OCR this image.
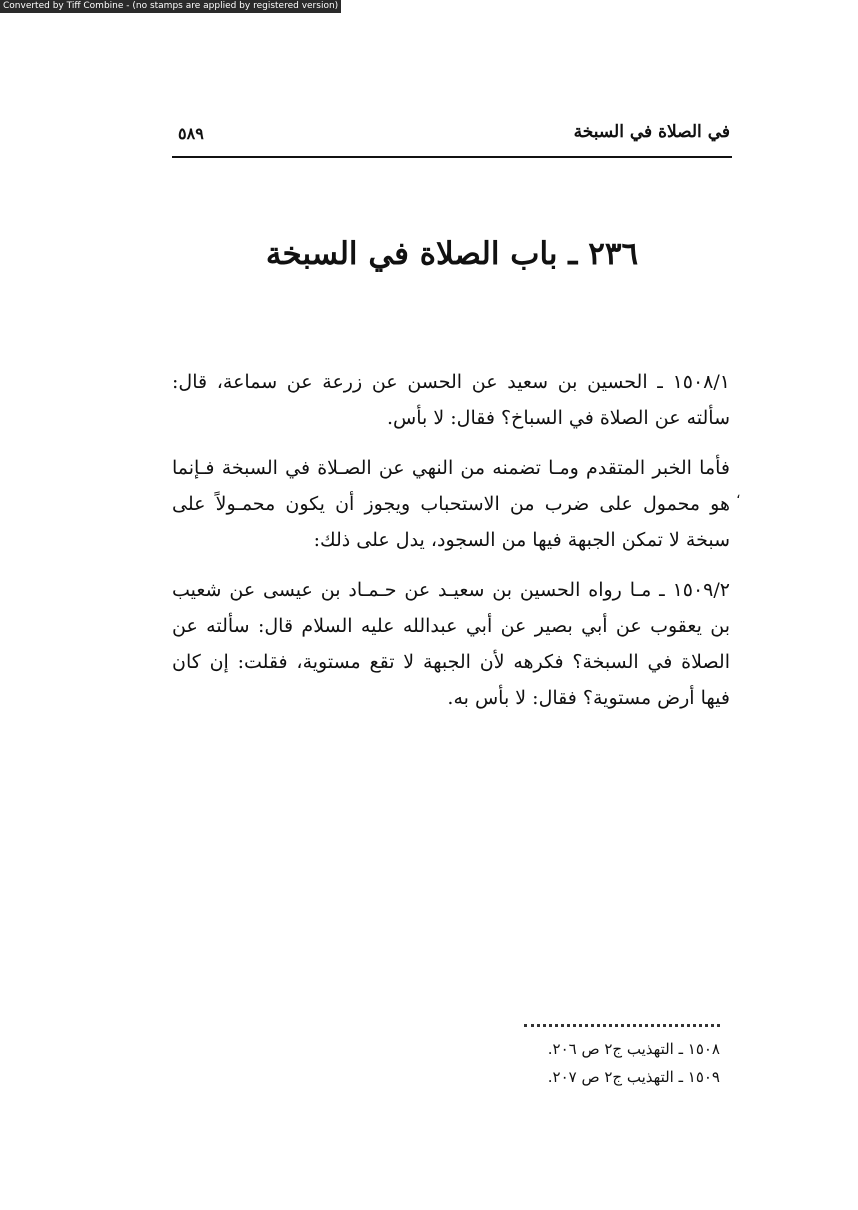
Converted by Tiff Combine - (no stamps are applied by registered version)
في الصلاة في السبخة
٥٨٩
٢٣٦ ـ باب الصلاة في السبخة

١٥٠٨/١ ـ الحسين بن سعيد عن الحسن عن زرعة عن سماعة، قال: سألته عن الصلاة في السباخ؟ فقال: لا بأس.

فأما الخبر المتقدم ومـا تضمنه من النهي عن الصـلاة في السبخة فـإنما هو محمول على ضرب من الاستحباب ويجوز أن يكون محمـولاً على سبخة لا تمكن الجبهة فيها من السجود، يدل على ذلك:

١٥٠٩/٢ ـ مـا رواه الحسين بن سعيـد عن حـمـاد بن عيسى عن شعيب بن يعقوب عن أبي بصير عن أبي عبدالله عليه السلام قال: سألته عن الصلاة في السبخة؟ فكرهه لأن الجبهة لا تقع مستوية، فقلت: إن كان فيها أرض مستوية؟ فقال: لا بأس به.

،
١٥٠٨ ـ التهذيب ج٢ ص ٢٠٦.
١٥٠٩ ـ التهذيب ج٢ ص ٢٠٧.
